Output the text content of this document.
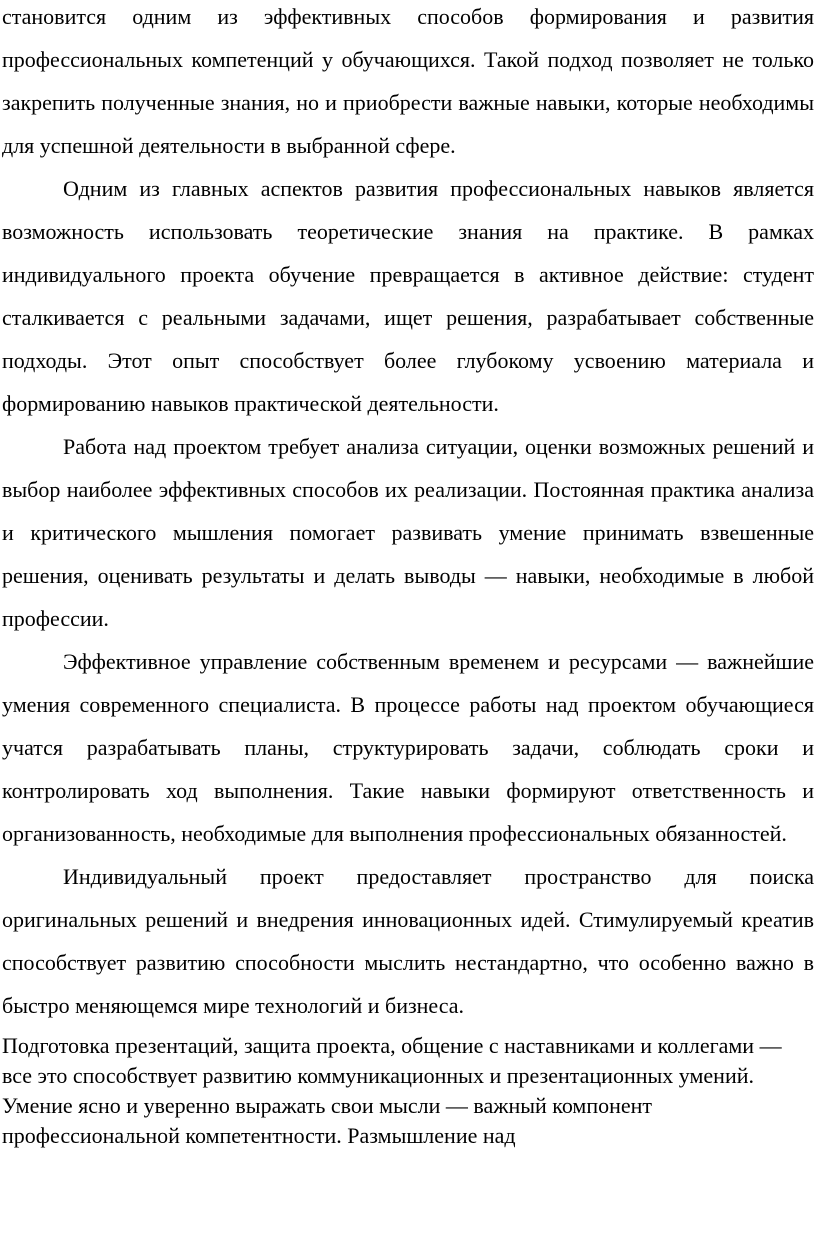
становится одним из эффективных способов формирования и развития профессиональных компетенций у обучающихся. Такой подход позволяет не только закрепить полученные знания, но и приобрести важные навыки, которые необходимы для успешной деятельности в выбранной сфере.

Одним из главных аспектов развития профессиональных навыков является возможность использовать теоретические знания на практике. В рамках индивидуального проекта обучение превращается в активное действие: студент сталкивается с реальными задачами, ищет решения, разрабатывает собственные подходы. Этот опыт способствует более глубокому усвоению материала и формированию навыков практической деятельности.

Работа над проектом требует анализа ситуации, оценки возможных решений и выбор наиболее эффективных способов их реализации. Постоянная практика анализа и критического мышления помогает развивать умение принимать взвешенные решения, оценивать результаты и делать выводы — навыки, необходимые в любой профессии.

Эффективное управление собственным временем и ресурсами — важнейшие умения современного специалиста. В процессе работы над проектом обучающиеся учатся разрабатывать планы, структурировать задачи, соблюдать сроки и контролировать ход выполнения. Такие навыки формируют ответственность и организованность, необходимые для выполнения профессиональных обязанностей.

Индивидуальный проект предоставляет пространство для поиска оригинальных решений и внедрения инновационных идей. Стимулируемый креатив способствует развитию способности мыслить нестандартно, что особенно важно в быстро меняющемся мире технологий и бизнеса.

Подготовка презентаций, защита проекта, общение с наставниками и коллегами — все это способствует развитию коммуникационных и презентационных умений. Умение ясно и уверенно выражать свои мысли — важный компонент профессиональной компетентности. Размышление над
